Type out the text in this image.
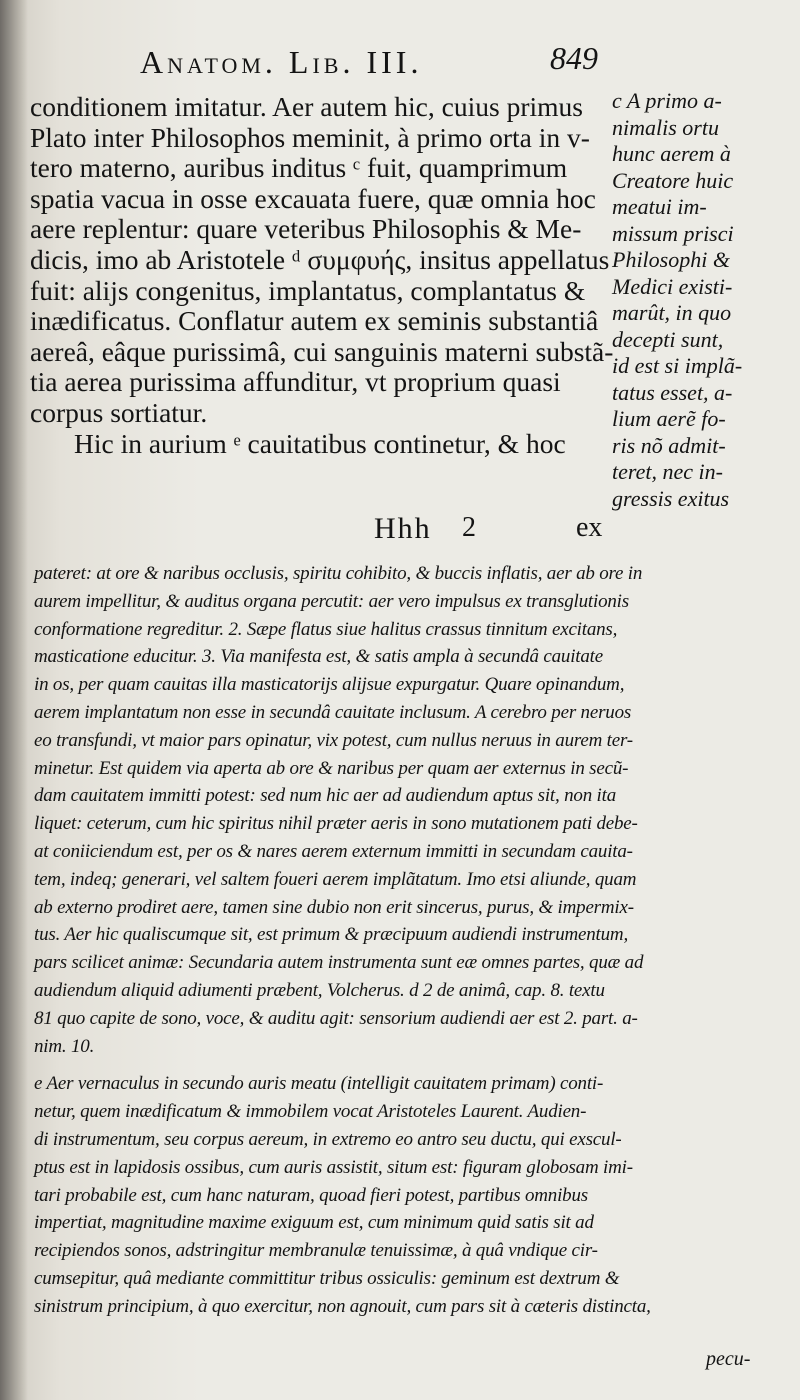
Anatom. Lib. III.	849

conditionem imitatur. Aer autem hic, cuius primus

Plato inter Philosophos meminit, à primo orta in v-

tero materno, auribus inditus ᶜ fuit, quamprimum

spatia vacua in osse excauata fuere, quæ omnia hoc

aere replentur: quare veteribus Philosophis & Me-

dicis, imo ab Aristotele ᵈ συμφυής, insitus appellatus

fuit: alijs congenitus, implantatus, complantatus &

inædificatus. Conflatur autem ex seminis substantiâ

aereâ, eâque purissimâ, cui sanguinis materni substã-

tia aerea purissima affunditur, vt proprium quasi

corpus sortiatur.

Hic in aurium ᵉ cauitatibus continetur, & hoc

Hhh 2	ex

c A primo a-

nimalis ortu

hunc aerem à

Creatore huic

meatui im-

missum prisci

Philosophi &

Medici existi-

marût, in quo

decepti sunt,

id est si implã-

tatus esset, a-

lium aerẽ fo-

ris nõ admit-

teret, nec in-

gressis exitus

pateret: at ore & naribus occlusis, spiritu cohibito, & buccis inflatis, aer ab ore in

aurem impellitur, & auditus organa percutit: aer vero impulsus ex transglutionis

conformatione regreditur. 2. Sæpe flatus siue halitus crassus tinnitum excitans,

masticatione educitur. 3. Via manifesta est, & satis ampla à secundâ cauitate

in os, per quam cauitas illa masticatorijs alijsue expurgatur. Quare opinandum,

aerem implantatum non esse in secundâ cauitate inclusum. A cerebro per neruos

eo transfundi, vt maior pars opinatur, vix potest, cum nullus neruus in aurem ter-

minetur. Est quidem via aperta ab ore & naribus per quam aer externus in secũ-

dam cauitatem immitti potest: sed num hic aer ad audiendum aptus sit, non ita

liquet: ceterum, cum hic spiritus nihil præter aeris in sono mutationem pati debe-

at coniiciendum est, per os & nares aerem externum immitti in secundam cauita-

tem, indeq; generari, vel saltem foueri aerem implãtatum. Imo etsi aliunde, quam

ab externo prodiret aere, tamen sine dubio non erit sincerus, purus, & impermix-

tus. Aer hic qualiscumque sit, est primum & præcipuum audiendi instrumentum,

pars scilicet animæ: Secundaria autem instrumenta sunt eæ omnes partes, quæ ad

audiendum aliquid adiumenti præbent, Volcherus. d 2 de animâ, cap. 8. textu

81 quo capite de sono, voce, & auditu agit: sensorium audiendi aer est 2. part. a-

nim. 10.

e Aer vernaculus in secundo auris meatu (intelligit cauitatem primam) conti-

netur, quem inædificatum & immobilem vocat Aristoteles Laurent. Audien-

di instrumentum, seu corpus aereum, in extremo eo antro seu ductu, qui exscul-

ptus est in lapidosis ossibus, cum auris assistit, situm est: figuram globosam imi-

tari probabile est, cum hanc naturam, quoad fieri potest, partibus omnibus

impertiat, magnitudine maxime exiguum est, cum minimum quid satis sit ad

recipiendos sonos, adstringitur membranulæ tenuissimæ, à quâ vndique cir-

cumsepitur, quâ mediante committitur tribus ossiculis: geminum est dextrum &

sinistrum principium, à quo exercitur, non agnouit, cum pars sit à cæteris distincta,

pecu-
